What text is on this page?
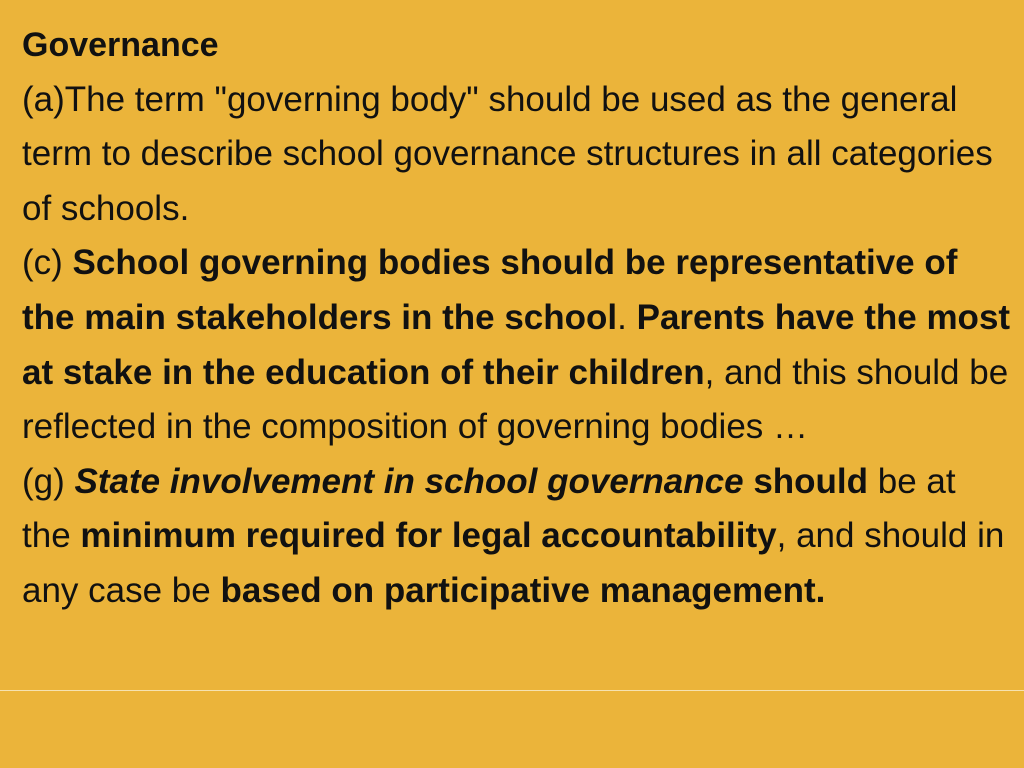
Governance
(a)The term "governing body" should be used as the general term to describe school governance structures in all categories of schools.
(c) School governing bodies should be representative of the main stakeholders in the school. Parents have the most at stake in the education of their children, and this should be reflected in the composition of governing bodies …
(g) State involvement in school governance should be at the minimum required for legal accountability, and should in any case be based on participative management.
